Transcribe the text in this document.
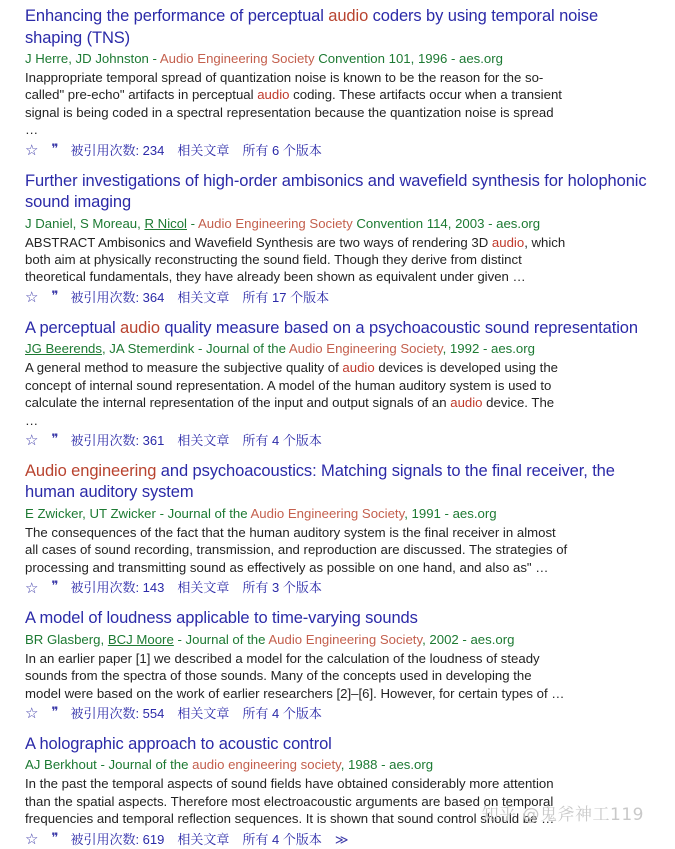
Enhancing the performance of perceptual audio coders by using temporal noise shaping (TNS)
J Herre, JD Johnston - Audio Engineering Society Convention 101, 1996 - aes.org
Inappropriate temporal spread of quantization noise is known to be the reason for the so-called" pre-echo" artifacts in perceptual audio coding. These artifacts occur when a transient signal is being coded in a spectral representation because the quantization noise is spread …
☆ ❞ 被引用次数: 234 相关文章 所有 6 个版本
Further investigations of high-order ambisonics and wavefield synthesis for holophonic sound imaging
J Daniel, S Moreau, R Nicol - Audio Engineering Society Convention 114, 2003 - aes.org
ABSTRACT Ambisonics and Wavefield Synthesis are two ways of rendering 3D audio, which both aim at physically reconstructing the sound field. Though they derive from distinct theoretical fundamentals, they have already been shown as equivalent under given …
☆ ❞ 被引用次数: 364 相关文章 所有 17 个版本
A perceptual audio quality measure based on a psychoacoustic sound representation
JG Beerends, JA Stemerdink - Journal of the Audio Engineering Society, 1992 - aes.org
A general method to measure the subjective quality of audio devices is developed using the concept of internal sound representation. A model of the human auditory system is used to calculate the internal representation of the input and output signals of an audio device. The …
☆ ❞ 被引用次数: 361 相关文章 所有 4 个版本
Audio engineering and psychoacoustics: Matching signals to the final receiver, the human auditory system
E Zwicker, UT Zwicker - Journal of the Audio Engineering Society, 1991 - aes.org
The consequences of the fact that the human auditory system is the final receiver in almost all cases of sound recording, transmission, and reproduction are discussed. The strategies of processing and transmitting sound as effectively as possible on one hand, and also as" …
☆ ❞ 被引用次数: 143 相关文章 所有 3 个版本
A model of loudness applicable to time-varying sounds
BR Glasberg, BCJ Moore - Journal of the Audio Engineering Society, 2002 - aes.org
In an earlier paper [1] we described a model for the calculation of the loudness of steady sounds from the spectra of those sounds. Many of the concepts used in developing the model were based on the work of earlier researchers [2]–[6]. However, for certain types of …
☆ ❞ 被引用次数: 554 相关文章 所有 4 个版本
A holographic approach to acoustic control
AJ Berkhout - Journal of the audio engineering society, 1988 - aes.org
In the past the temporal aspects of sound fields have obtained considerably more attention than the spatial aspects. Therefore most electroacoustic arguments are based on temporal frequencies and temporal reflection sequences. It is shown that sound control should be …
☆ ❞ 被引用次数: 619 相关文章 所有 4 个版本 ≫
知乎 @鬼斧神工119
